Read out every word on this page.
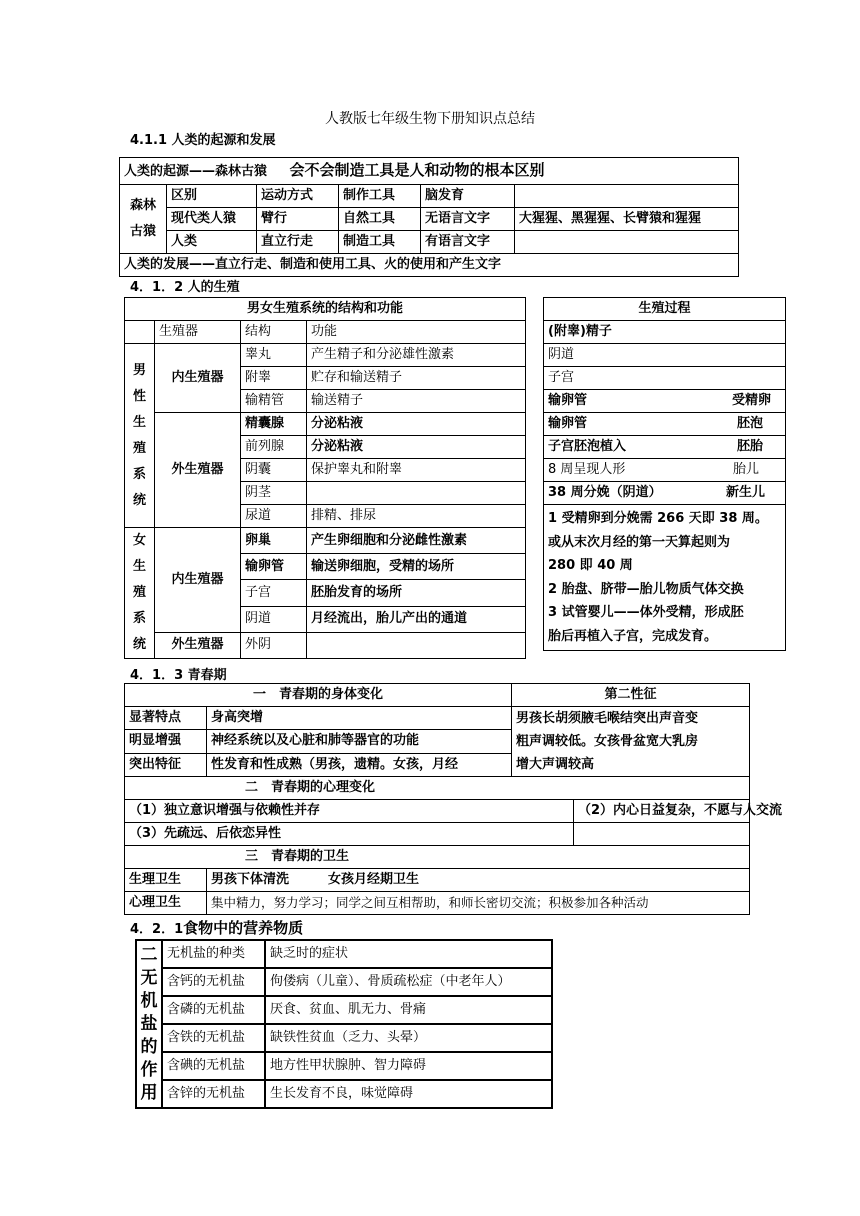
人教版七年级生物下册知识点总结
4.1.1 人类的起源和发展
人类的起源——森林古猿 会不会制造工具是人和动物的根本区别					
森林古猿	区别	运动方式	制作工具	脑发育	
	现代类人猿	臂行	自然工具	无语言文字	大猩猩、黑猩猩、长臂猿和猩猩
	人类	直立行走	制造工具	有语言文字	
人类的发展——直立行走、制造和使用工具、火的使用和产生文字					
4．1．2 人的生殖
男女生殖系统的结构和功能			
	生殖器	结构	功能
男性生殖系统	内生殖器	睾丸	产生精子和分泌雄性激素
		附睾	贮存和输送精子
		输精管	输送精子
	外生殖器	精囊腺	分泌粘液
		前列腺	分泌粘液
		阴囊	保护睾丸和附睾
		阴茎	
		尿道	排精、排尿
女生殖系统	内生殖器	卵巢	产生卵细胞和分泌雌性激素
		输卵管	输送卵细胞，受精的场所
		子宫	胚胎发育的场所
		阴道	月经流出，胎儿产出的通道
	外生殖器	外阴	
生殖过程
(附睾)精子
阴道
子宫
输卵管	受精卵

输卵管	胚泡

子宫胚泡植入	胚胎

8 周呈现人形	胎儿

38 周分娩（阴道）	新生儿

1 受精卵到分娩需 266 天即 38 周。
或从末次月经的第一天算起则为
280 即 40 周
2 胎盘、脐带—胎儿物质气体交换
3 试管婴儿——体外受精，形成胚
胎后再植入子宫，完成发育。
4．1．3 青春期
一　青春期的身体变化		第二性征	
显著特点	身高突增	男孩长胡须腋毛喉结突出声音变
粗声调较低。女孩骨盆宽大乳房
增大声调较高	

明显增强	神经系统以及心脏和肺等器官的功能		
突出特征	性发育和性成熟（男孩，遗精。女孩，月经		
二　青春期的心理变化			
（1）独立意识增强与依赖性并存			（2）内心日益复杂，不愿与人交流
（3）先疏远、后依恋异性			
三　青春期的卫生			
生理卫生	男孩下体清洗　　　女孩月经期卫生		
心理卫生	集中精力，努力学习；同学之间互相帮助，和师长密切交流；积极参加各种活动		
4．2．1食物中的营养物质
二无机盐的作用	无机盐的种类	缺乏时的症状
	含钙的无机盐	佝偻病（儿童）、骨质疏松症（中老年人）
	含磷的无机盐	厌食、贫血、肌无力、骨痛
	含铁的无机盐	缺铁性贫血（乏力、头晕）
	含碘的无机盐	地方性甲状腺肿、智力障碍
	含锌的无机盐	生长发育不良，味觉障碍
